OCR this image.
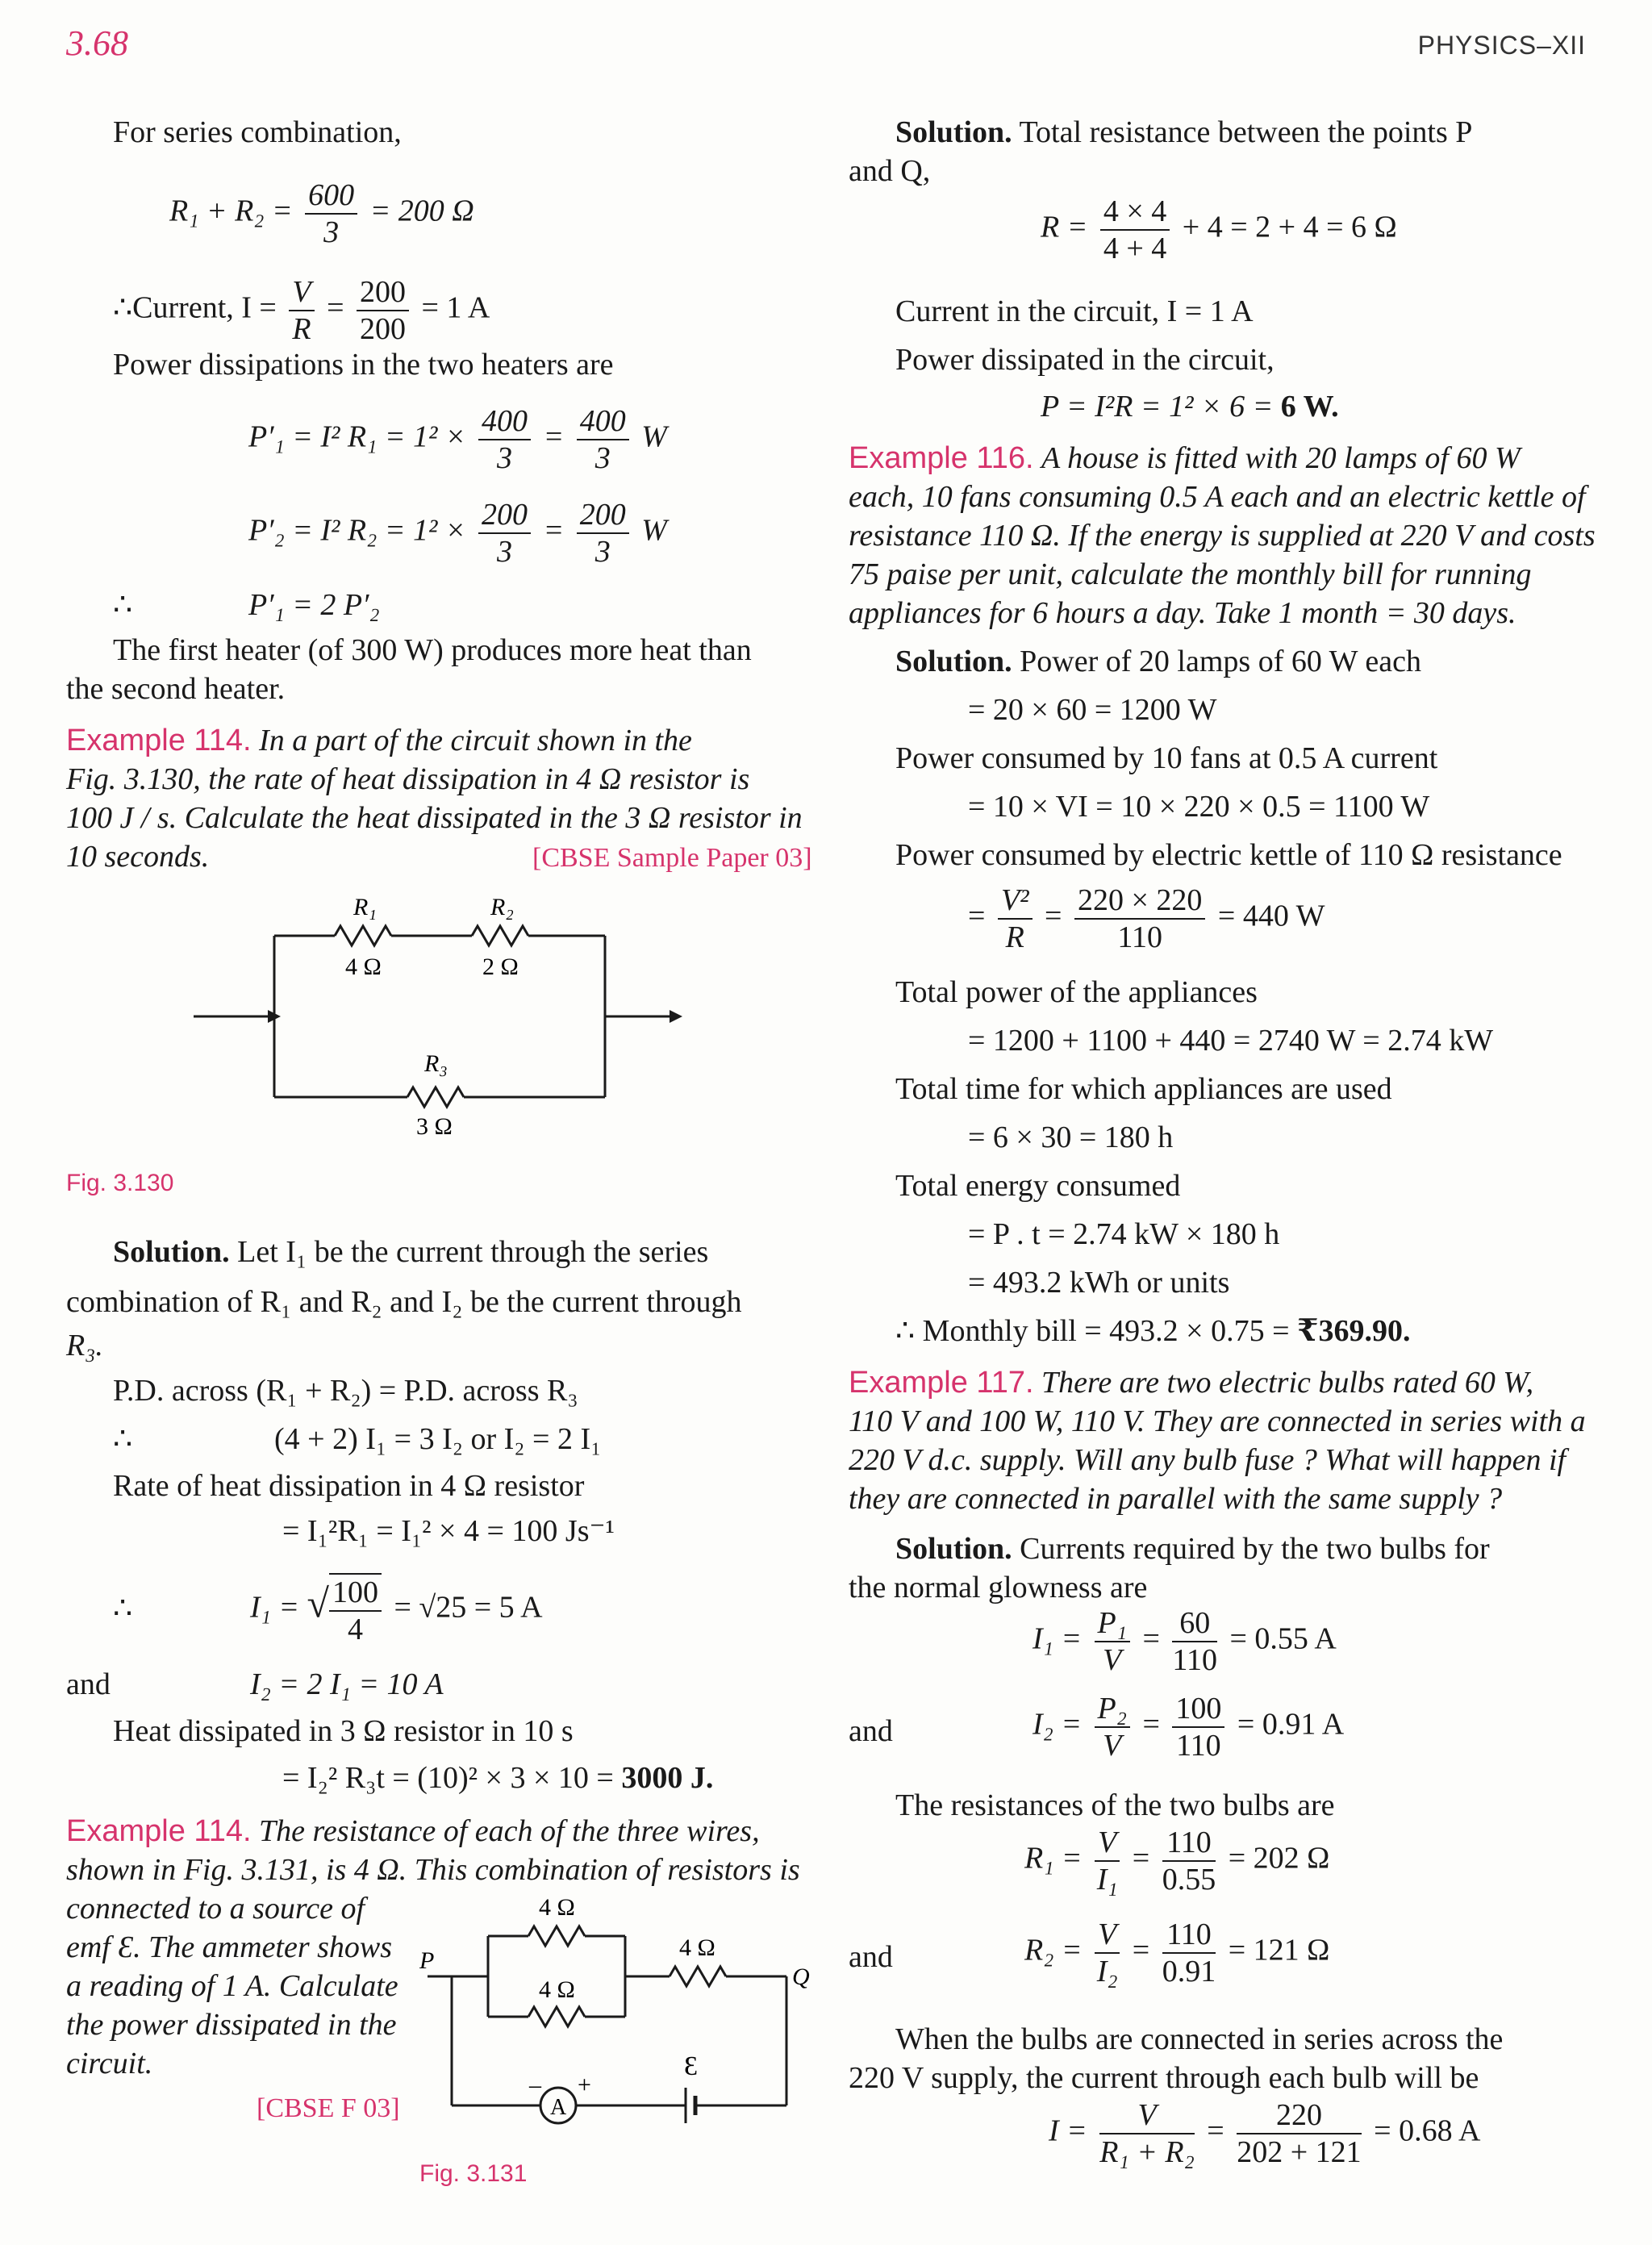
3.68	PHYSICS–XII
For series combination,
$R_1 + R_2 = \frac{600}{3} = 200$ Ω
∴Current, $I = \frac{V}{R} = \frac{200}{200} = 1$ A
Power dissipations in the two heaters are
P′₁ = I² $R_1 = 1^2 \times \frac{400}{3} = \frac{400}{3}$ W
P′₂ = I² $R_2 = 1^2 \times \frac{200}{3} = \frac{200}{3}$ W
∴	P′₁ = 2 P′₂
The first heater (of 300 W) produces more heat than
the second heater.
Example 114. In a part of the circuit shown in the
Fig. 3.130, the rate of heat dissipation in 4 Ω resistor is
100 J / s. Calculate the heat dissipated in the 3 Ω resistor in
10 seconds.	[CBSE Sample Paper 03]
R₁	R₂
4 Ω	2 Ω
R₃
3 Ω
Fig. 3.130
Solution. Let I₁ be the current through the series
combination of R₁ and R₂ and I₂ be the current through
R₃.
P.D. across (R₁ + R₂) = P.D. across R₃
∴	(4 + 2) I₁ = 3 I₂ or I₂ = 2 I₁
Rate of heat dissipation in 4 Ω resistor
= I₁²R₁ = I₁² × 4 = 100 Js⁻¹
∴	I₁ = √ $\frac{100}{4} = √25 = 5$ A
and	I₂ = 2 I₁ = 10 A
Heat dissipated in 3 Ω resistor in 10 s
= I₂² R₃t = (10)² × 3 × 10 = 3000 J.
Example 114. The resistance of each of the three wires,
shown in Fig. 3.131, is 4 Ω. This combination of resistors is
connected to a source of
emf Ɛ. The ammeter shows
a reading of 1 A. Calculate
the power dissipated in the
circuit.
[CBSE F 03]
P
Q
4 Ω
4 Ω
4 Ω
Ɛ
A
– +
Fig. 3.131
Solution. Total resistance between the points P
and Q,
$R = \frac{4 \times 4}{4 + 4} + 4 = 2 + 4 = 6$ Ω
Current in the circuit, I = 1 A
Power dissipated in the circuit,
P = I²R = 1² × 6 = 6 W.
Example 116. A house is fitted with 20 lamps of 60 W
each, 10 fans consuming 0.5 A each and an electric kettle of
resistance 110 Ω. If the energy is supplied at 220 V and costs
75 paise per unit, calculate the monthly bill for running
appliances for 6 hours a day. Take 1 month = 30 days.
Solution. Power of 20 lamps of 60 W each
= 20 × 60 = 1200 W
Power consumed by 10 fans at 0.5 A current
= 10 × VI = 10 × 220 × 0.5 = 1100 W
Power consumed by electric kettle of 110 Ω resistance
= $\frac{\text{V²}}{R} = \frac{220 \times 220}{110} = 440$ W
Total power of the appliances
= 1200 + 1100 + 440 = 2740 W = 2.74 kW
Total time for which appliances are used
= 6 × 30 = 180 h
Total energy consumed
= P . t = 2.74 kW × 180 h
= 493.2 kWh or units
∴ Monthly bill = 493.2 × 0.75 = ₹369.90.
Example 117. There are two electric bulbs rated 60 W,
110 V and 100 W, 110 V. They are connected in series with a
220 V d.c. supply. Will any bulb fuse ? What will happen if
they are connected in parallel with the same supply ?
Solution. Currents required by the two bulbs for
the normal glowness are
$I_1 = \frac{\text{P₁}}{V} = \frac{60}{110} = 0.55$ A
and	$I_2 = \frac{\text{P₂}}{V} = \frac{100}{110} = 0.91$ A
The resistances of the two bulbs are
$R_1 = \frac{V}{\text{I₁}} = \frac{110}{0.55} = 202$ Ω
and	$R_2 = \frac{V}{\text{I₂}} = \frac{110}{0.91} = 121$ Ω
When the bulbs are connected in series across the
220 V supply, the current through each bulb will be
$I = \frac{V}{\text{R₁ + R₂}} = \frac{220}{202 + 121} = 0.68$ A
